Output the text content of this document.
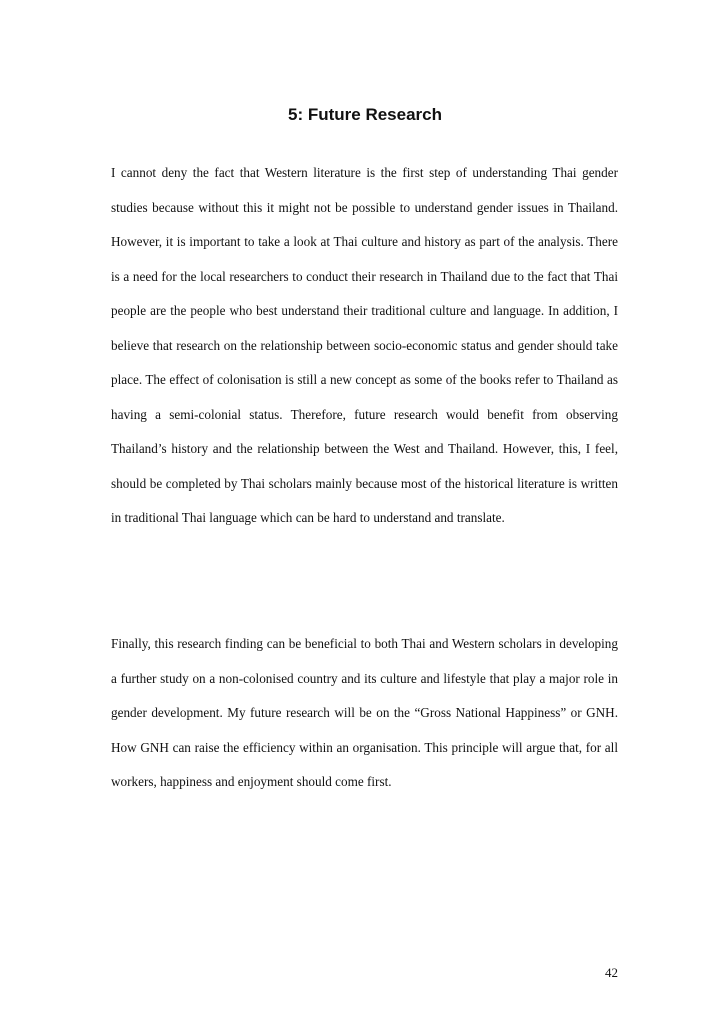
5: Future Research

I cannot deny the fact that Western literature is the first step of understanding Thai gender studies because without this it might not be possible to understand gender issues in Thailand. However, it is important to take a look at Thai culture and history as part of the analysis. There is a need for the local researchers to conduct their research in Thailand due to the fact that Thai people are the people who best understand their traditional culture and language. In addition, I believe that research on the relationship between socio-economic status and gender should take place. The effect of colonisation is still a new concept as some of the books refer to Thailand as having a semi-colonial status. Therefore, future research would benefit from observing Thailand’s history and the relationship between the West and Thailand. However, this, I feel, should be completed by Thai scholars mainly because most of the historical literature is written in traditional Thai language which can be hard to understand and translate.

Finally, this research finding can be beneficial to both Thai and Western scholars in developing a further study on a non-colonised country and its culture and lifestyle that play a major role in gender development. My future research will be on the “Gross National Happiness” or GNH. How GNH can raise the efficiency within an organisation. This principle will argue that, for all workers, happiness and enjoyment should come first.

42
